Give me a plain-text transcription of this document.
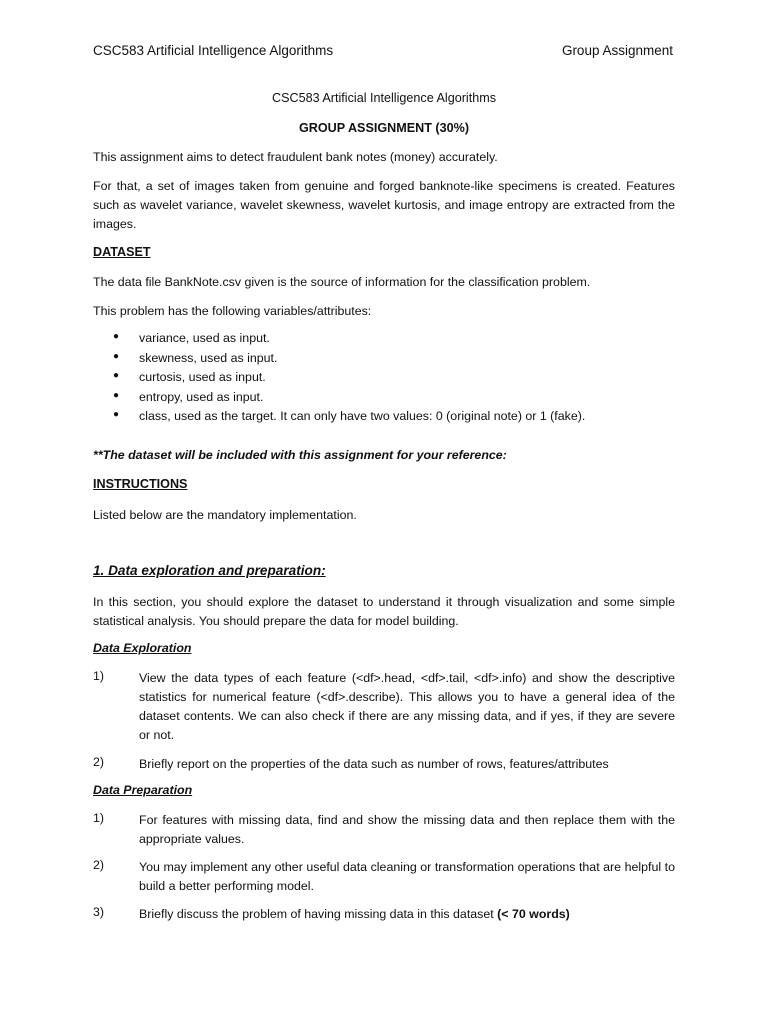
CSC583 Artificial Intelligence Algorithms	Group Assignment
CSC583 Artificial Intelligence Algorithms
GROUP ASSIGNMENT (30%)
This assignment aims to detect fraudulent bank notes (money) accurately.
For that, a set of images taken from genuine and forged banknote-like specimens is created. Features such as wavelet variance, wavelet skewness, wavelet kurtosis, and image entropy are extracted from the images.
DATASET
The data file BankNote.csv given is the source of information for the classification problem.
This problem has the following variables/attributes:
● variance, used as input.
● skewness, used as input.
● curtosis, used as input.
● entropy, used as input.
● class, used as the target. It can only have two values: 0 (original note) or 1 (fake).
**The dataset will be included with this assignment for your reference:
INSTRUCTIONS
Listed below are the mandatory implementation.
1. Data exploration and preparation:
In this section, you should explore the dataset to understand it through visualization and some simple statistical analysis. You should prepare the data for model building.
Data Exploration
1)	View the data types of each feature (<df>.head, <df>.tail, <df>.info) and show the descriptive statistics for numerical feature (<df>.describe). This allows you to have a general idea of the dataset contents. We can also check if there are any missing data, and if yes, if they are severe or not.
2)	Briefly report on the properties of the data such as number of rows, features/attributes
Data Preparation
1)	For features with missing data, find and show the missing data and then replace them with the appropriate values.
2)	You may implement any other useful data cleaning or transformation operations that are helpful to build a better performing model.
3)	Briefly discuss the problem of having missing data in this dataset (< 70 words)
